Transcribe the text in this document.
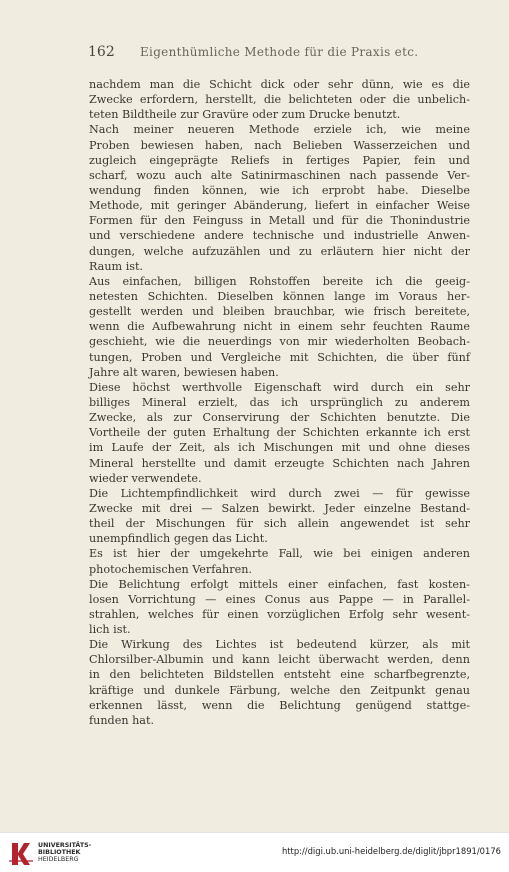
162 Eigenthümliche Methode für die Praxis etc.
nachdem man die Schicht dick oder sehr dünn, wie es die
Zwecke erfordern, herstellt, die belichteten oder die unbelich-
teten Bildtheile zur Gravüre oder zum Drucke benutzt.
Nach meiner neueren Methode erziele ich, wie meine
Proben bewiesen haben, nach Belieben Wasserzeichen und
zugleich eingeprägte Reliefs in fertiges Papier, fein und
scharf, wozu auch alte Satinirmaschinen nach passende Ver-
wendung finden können, wie ich erprobt habe. Dieselbe
Methode, mit geringer Abänderung, liefert in einfacher Weise
Formen für den Feinguss in Metall und für die Thonindustrie
und verschiedene andere technische und industrielle Anwen-
dungen, welche aufzuzählen und zu erläutern hier nicht der
Raum ist.
Aus einfachen, billigen Rohstoffen bereite ich die geeig-
netesten Schichten. Dieselben können lange im Voraus her-
gestellt werden und bleiben brauchbar, wie frisch bereitete,
wenn die Aufbewahrung nicht in einem sehr feuchten Raume
geschieht, wie die neuerdings von mir wiederholten Beobach-
tungen, Proben und Vergleiche mit Schichten, die über fünf
Jahre alt waren, bewiesen haben.
Diese höchst werthvolle Eigenschaft wird durch ein sehr
billiges Mineral erzielt, das ich ursprünglich zu anderem
Zwecke, als zur Conservirung der Schichten benutzte. Die
Vortheile der guten Erhaltung der Schichten erkannte ich erst
im Laufe der Zeit, als ich Mischungen mit und ohne dieses
Mineral herstellte und damit erzeugte Schichten nach Jahren
wieder verwendete.
Die Lichtempfindlichkeit wird durch zwei — für gewisse
Zwecke mit drei — Salzen bewirkt. Jeder einzelne Bestand-
theil der Mischungen für sich allein angewendet ist sehr
unempfindlich gegen das Licht.
Es ist hier der umgekehrte Fall, wie bei einigen anderen
photochemischen Verfahren.
Die Belichtung erfolgt mittels einer einfachen, fast kosten-
losen Vorrichtung — eines Conus aus Pappe — in Parallel-
strahlen, welches für einen vorzüglichen Erfolg sehr wesent-
lich ist.
Die Wirkung des Lichtes ist bedeutend kürzer, als mit
Chlorsilber-Albumin und kann leicht überwacht werden, denn
in den belichteten Bildstellen entsteht eine scharfbegrenzte,
kräftige und dunkele Färbung, welche den Zeitpunkt genau
erkennen lässt, wenn die Belichtung genügend stattge-
funden hat.
UNIVERSITÄTS-
BIBLIOTHEK
HEIDELBERG
http://digi.ub.uni-heidelberg.de/diglit/jbpr1891/0176
